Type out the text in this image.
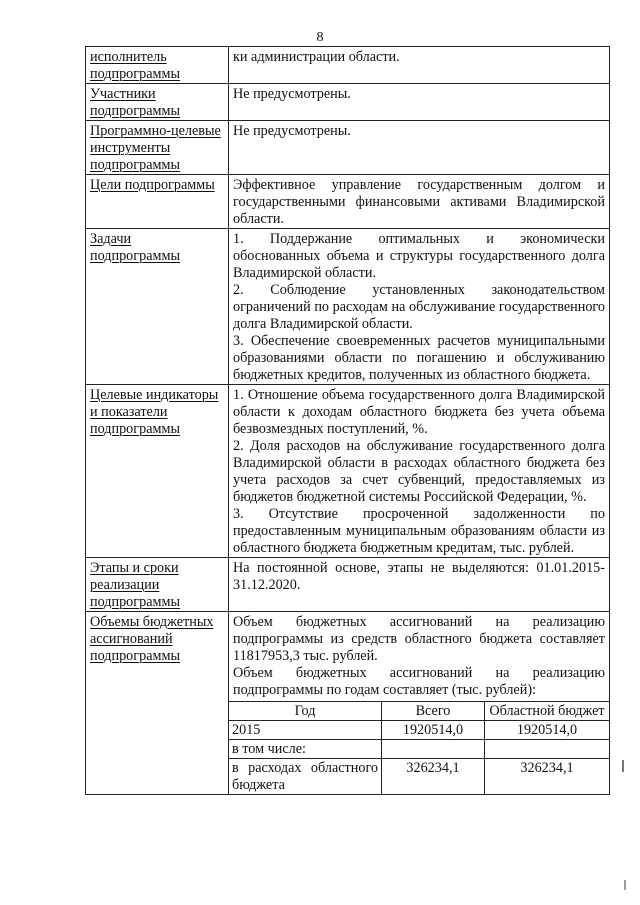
8
исполнитель подпрограммы	
ки администрации области.

Участники подпрограммы	
Не предусмотрены.

Программно-целевые инструменты подпрограммы	
Не предусмотрены.

Цели подпрограммы	Эффективное управление государственным долгом и государственными финансовыми активами Владимирской области.

Задачи подпрограммы	
1. Поддержание оптимальных и экономически обоснованных объема и структуры государственного долга Владимирской области.
2. Соблюдение установленных законодательством ограничений по расходам на обслуживание государственного долга Владимирской области.
3. Обеспечение своевременных расчетов муниципальными образованиями области по погашению и обслуживанию бюджетных кредитов, полученных из областного бюджета.

Целевые индикаторы и показатели подпрограммы	
1. Отношение объема государственного долга Владимирской области к доходам областного бюджета без учета объема безвозмездных поступлений, %.
2. Доля расходов на обслуживание государственного долга Владимирской области в расходах областного бюджета без учета расходов за счет субвенций, предоставляемых из бюджетов бюджетной системы Российской Федерации, %.
3. Отсутствие просроченной задолженности по предоставленным муниципальным образованиям области из областного бюджета бюджетным кредитам, тыс. рублей.

Этапы и сроки реализации подпрограммы	
На постоянной основе, этапы не выделяются: 01.01.2015-31.12.2020.

Объемы бюджетных ассигнований подпрограммы	
Объем бюджетных ассигнований на реализацию подпрограммы из средств областного бюджета составляет 11817953,3 тыс. рублей.
Объем бюджетных ассигнований на реализацию подпрограммы по годам составляет (тыс. рублей):
Год	Всего	Областной бюджет
2015	1920514,0	1920514,0
в том числе:		
в расходах областного бюджета	326234,1	326234,1
